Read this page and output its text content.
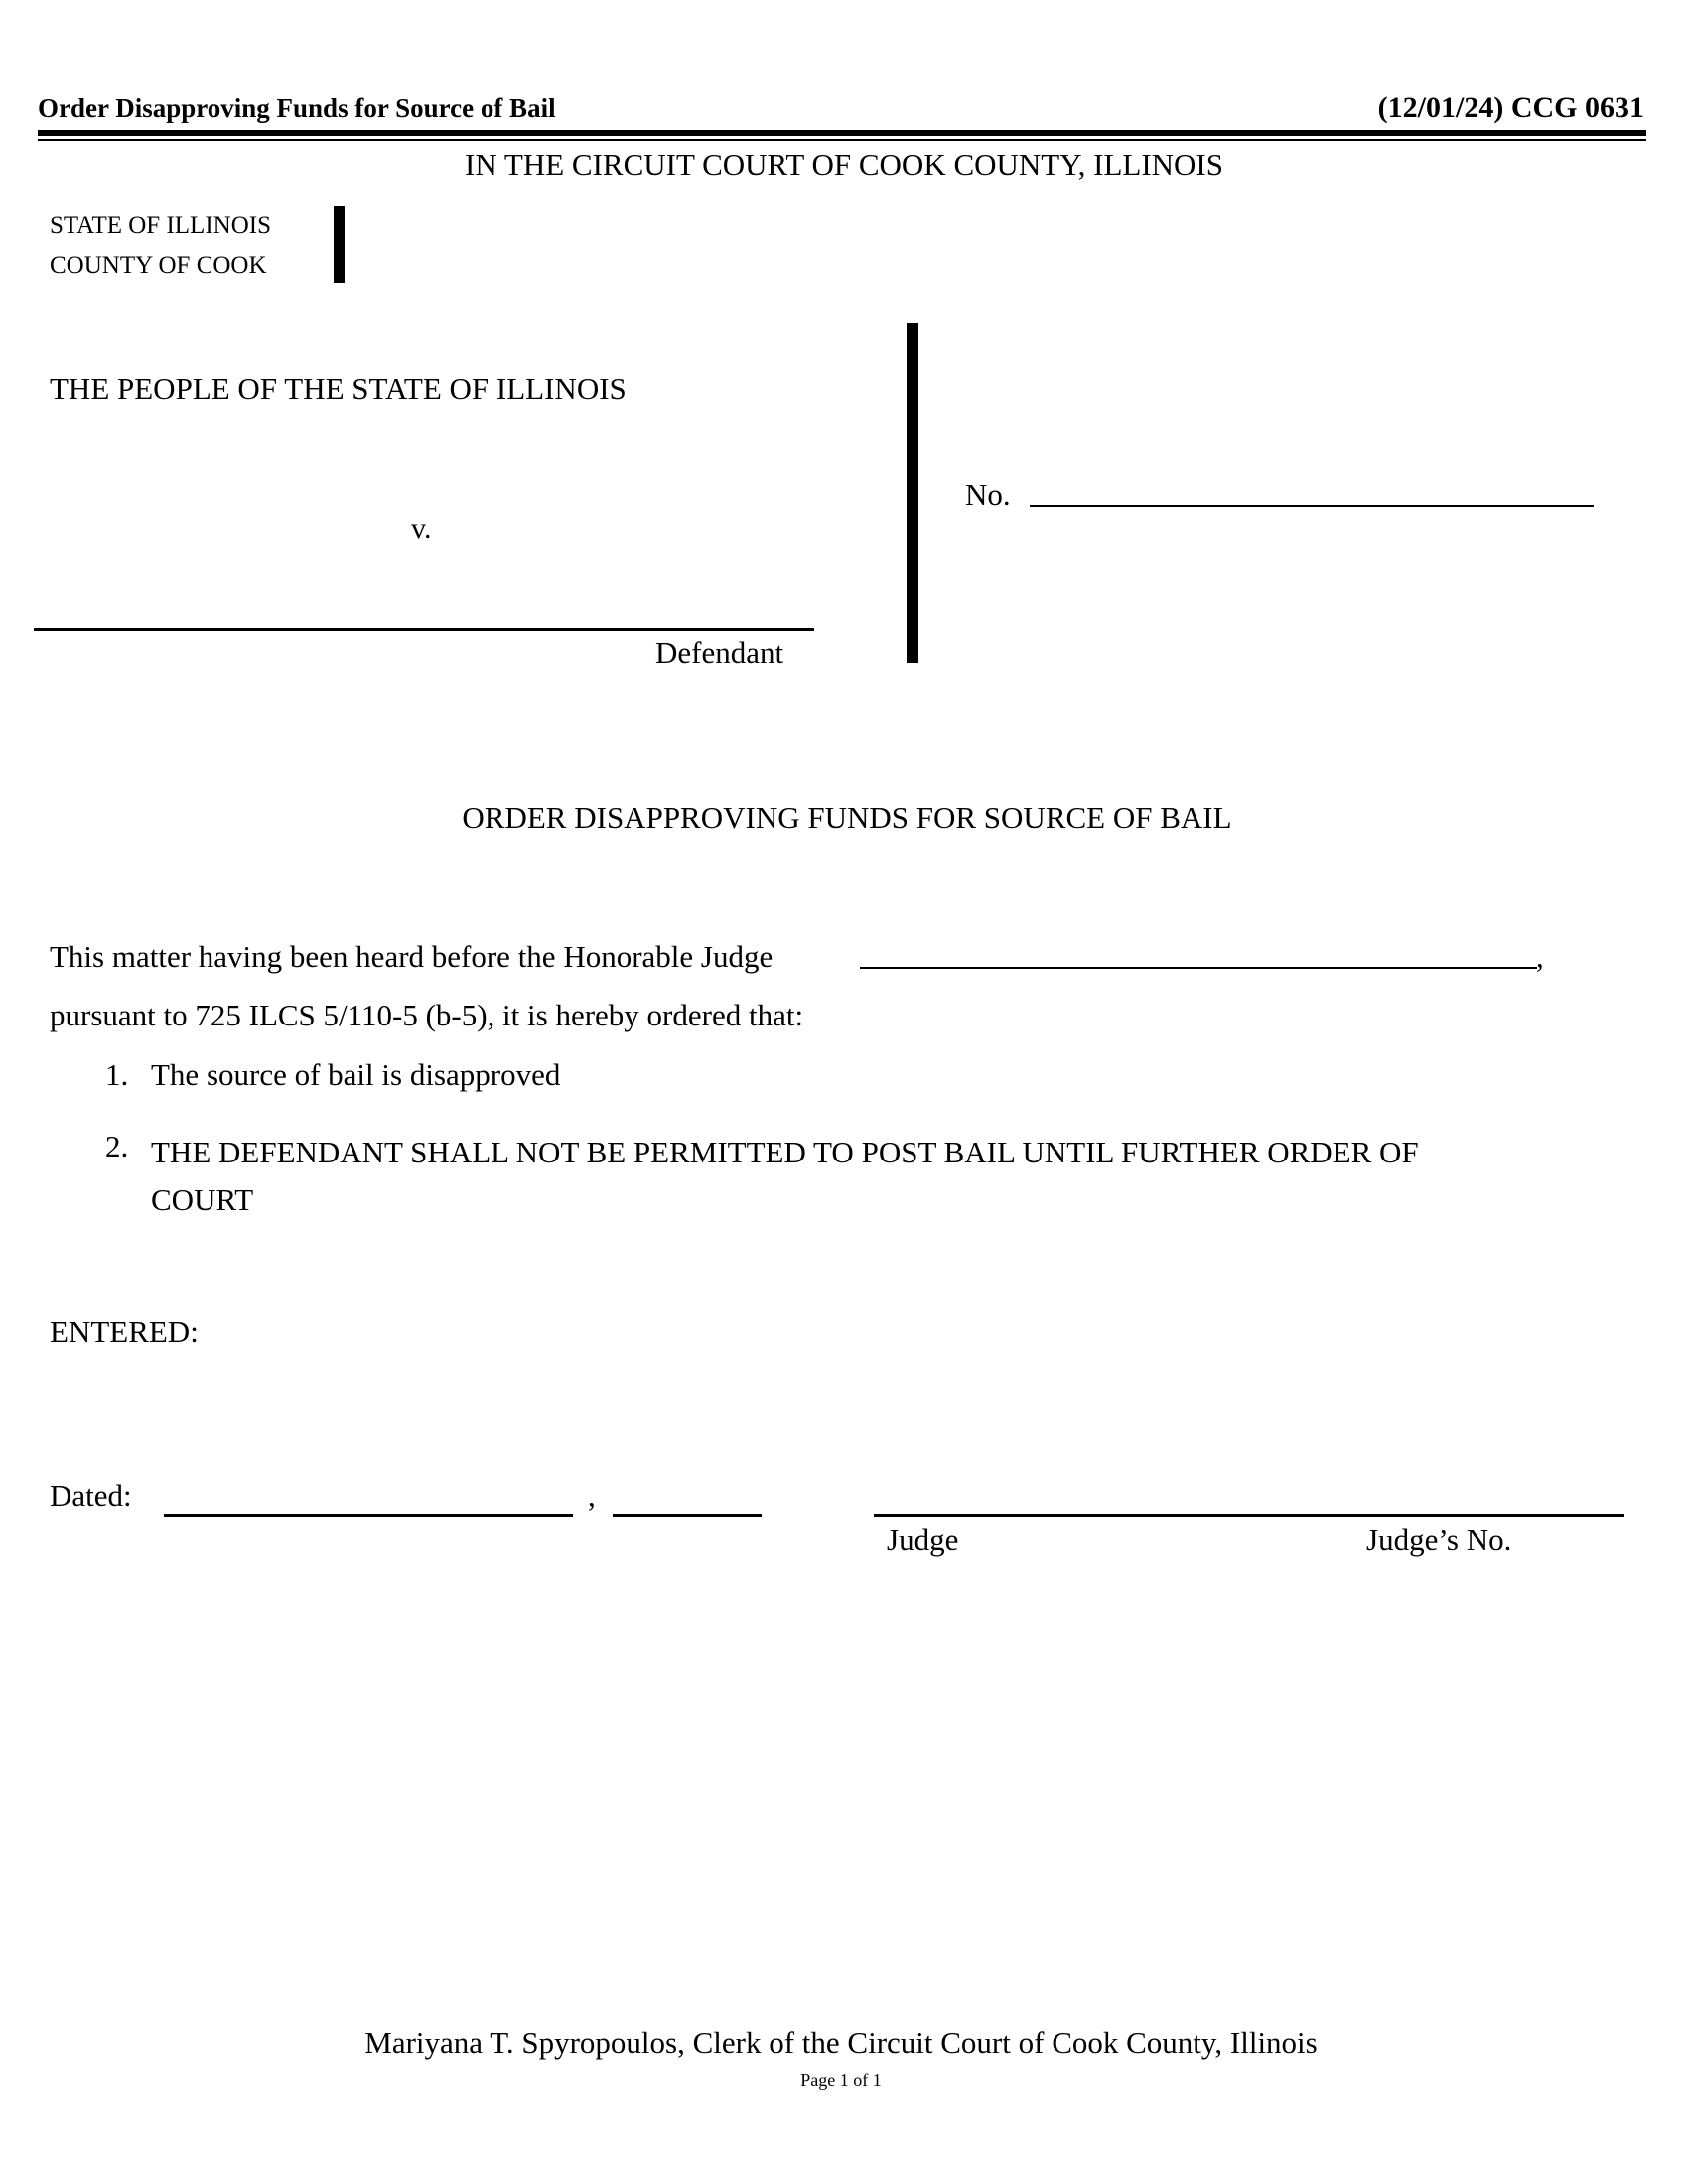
Order Disapproving Funds for Source of Bail	(12/01/24) CCG 0631
IN THE CIRCUIT COURT OF COOK COUNTY, ILLINOIS
STATE OF ILLINOIS
COUNTY OF COOK
THE PEOPLE OF THE STATE OF ILLINOIS
v.
Defendant
No.
ORDER DISAPPROVING FUNDS FOR SOURCE OF BAIL
This matter having been heard before the Honorable Judge	,
pursuant to 725 ILCS 5/110-5 (b-5), it is hereby ordered that:
1. The source of bail is disapproved
2. THE DEFENDANT SHALL NOT BE PERMITTED TO POST BAIL UNTIL FURTHER ORDER OF COURT
ENTERED:
Dated:	,
Judge	Judge’s No.
Mariyana T. Spyropoulos, Clerk of the Circuit Court of Cook County, Illinois
Page 1 of 1
